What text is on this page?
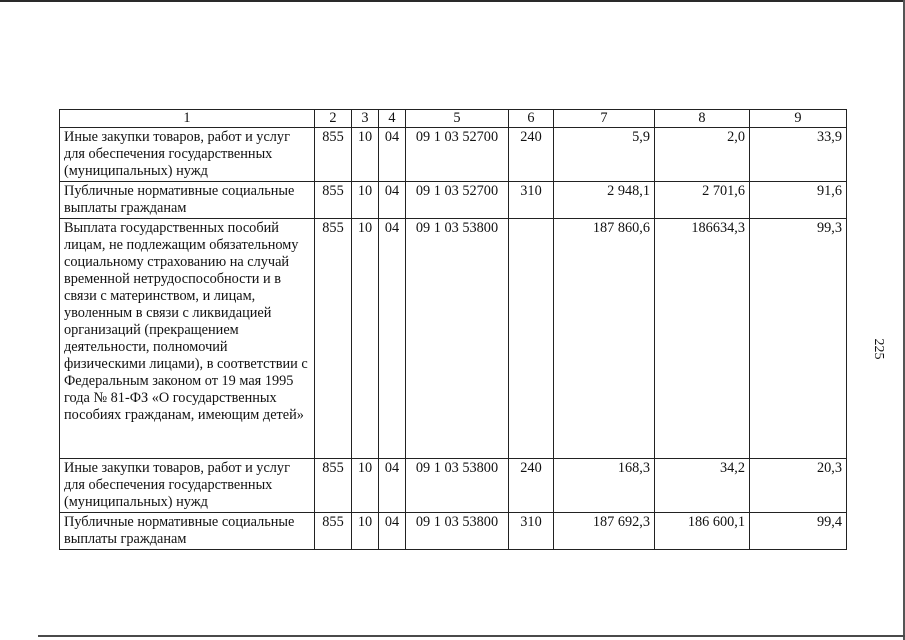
1	2	3	4	5	6	7	8	9
Иные закупки товаров, работ и услуг для обеспечения государственных (муниципальных) нужд	855	10	04	09 1 03 52700	240	5,9	2,0	33,9
Публичные нормативные социальные выплаты гражданам	855	10	04	09 1 03 52700	310	2 948,1	2 701,6	91,6
Выплата государственных пособий лицам, не подлежащим обязательному социальному страхованию на случай временной нетрудоспособности и в связи с материнством, и лицам, уволенным в связи с ликвидацией организаций (прекращением деятельности, полномочий физическими лицами), в соответствии с Федеральным законом от 19 мая 1995 года № 81-ФЗ «О государственных пособиях гражданам, имеющим детей»	855	10	04	09 1 03 53800		187 860,6	186634,3	99,3
Иные закупки товаров, работ и услуг для обеспечения государственных (муниципальных) нужд	855	10	04	09 1 03 53800	240	168,3	34,2	20,3
Публичные нормативные социальные выплаты гражданам	855	10	04	09 1 03 53800	310	187 692,3	186 600,1	99,4
225
